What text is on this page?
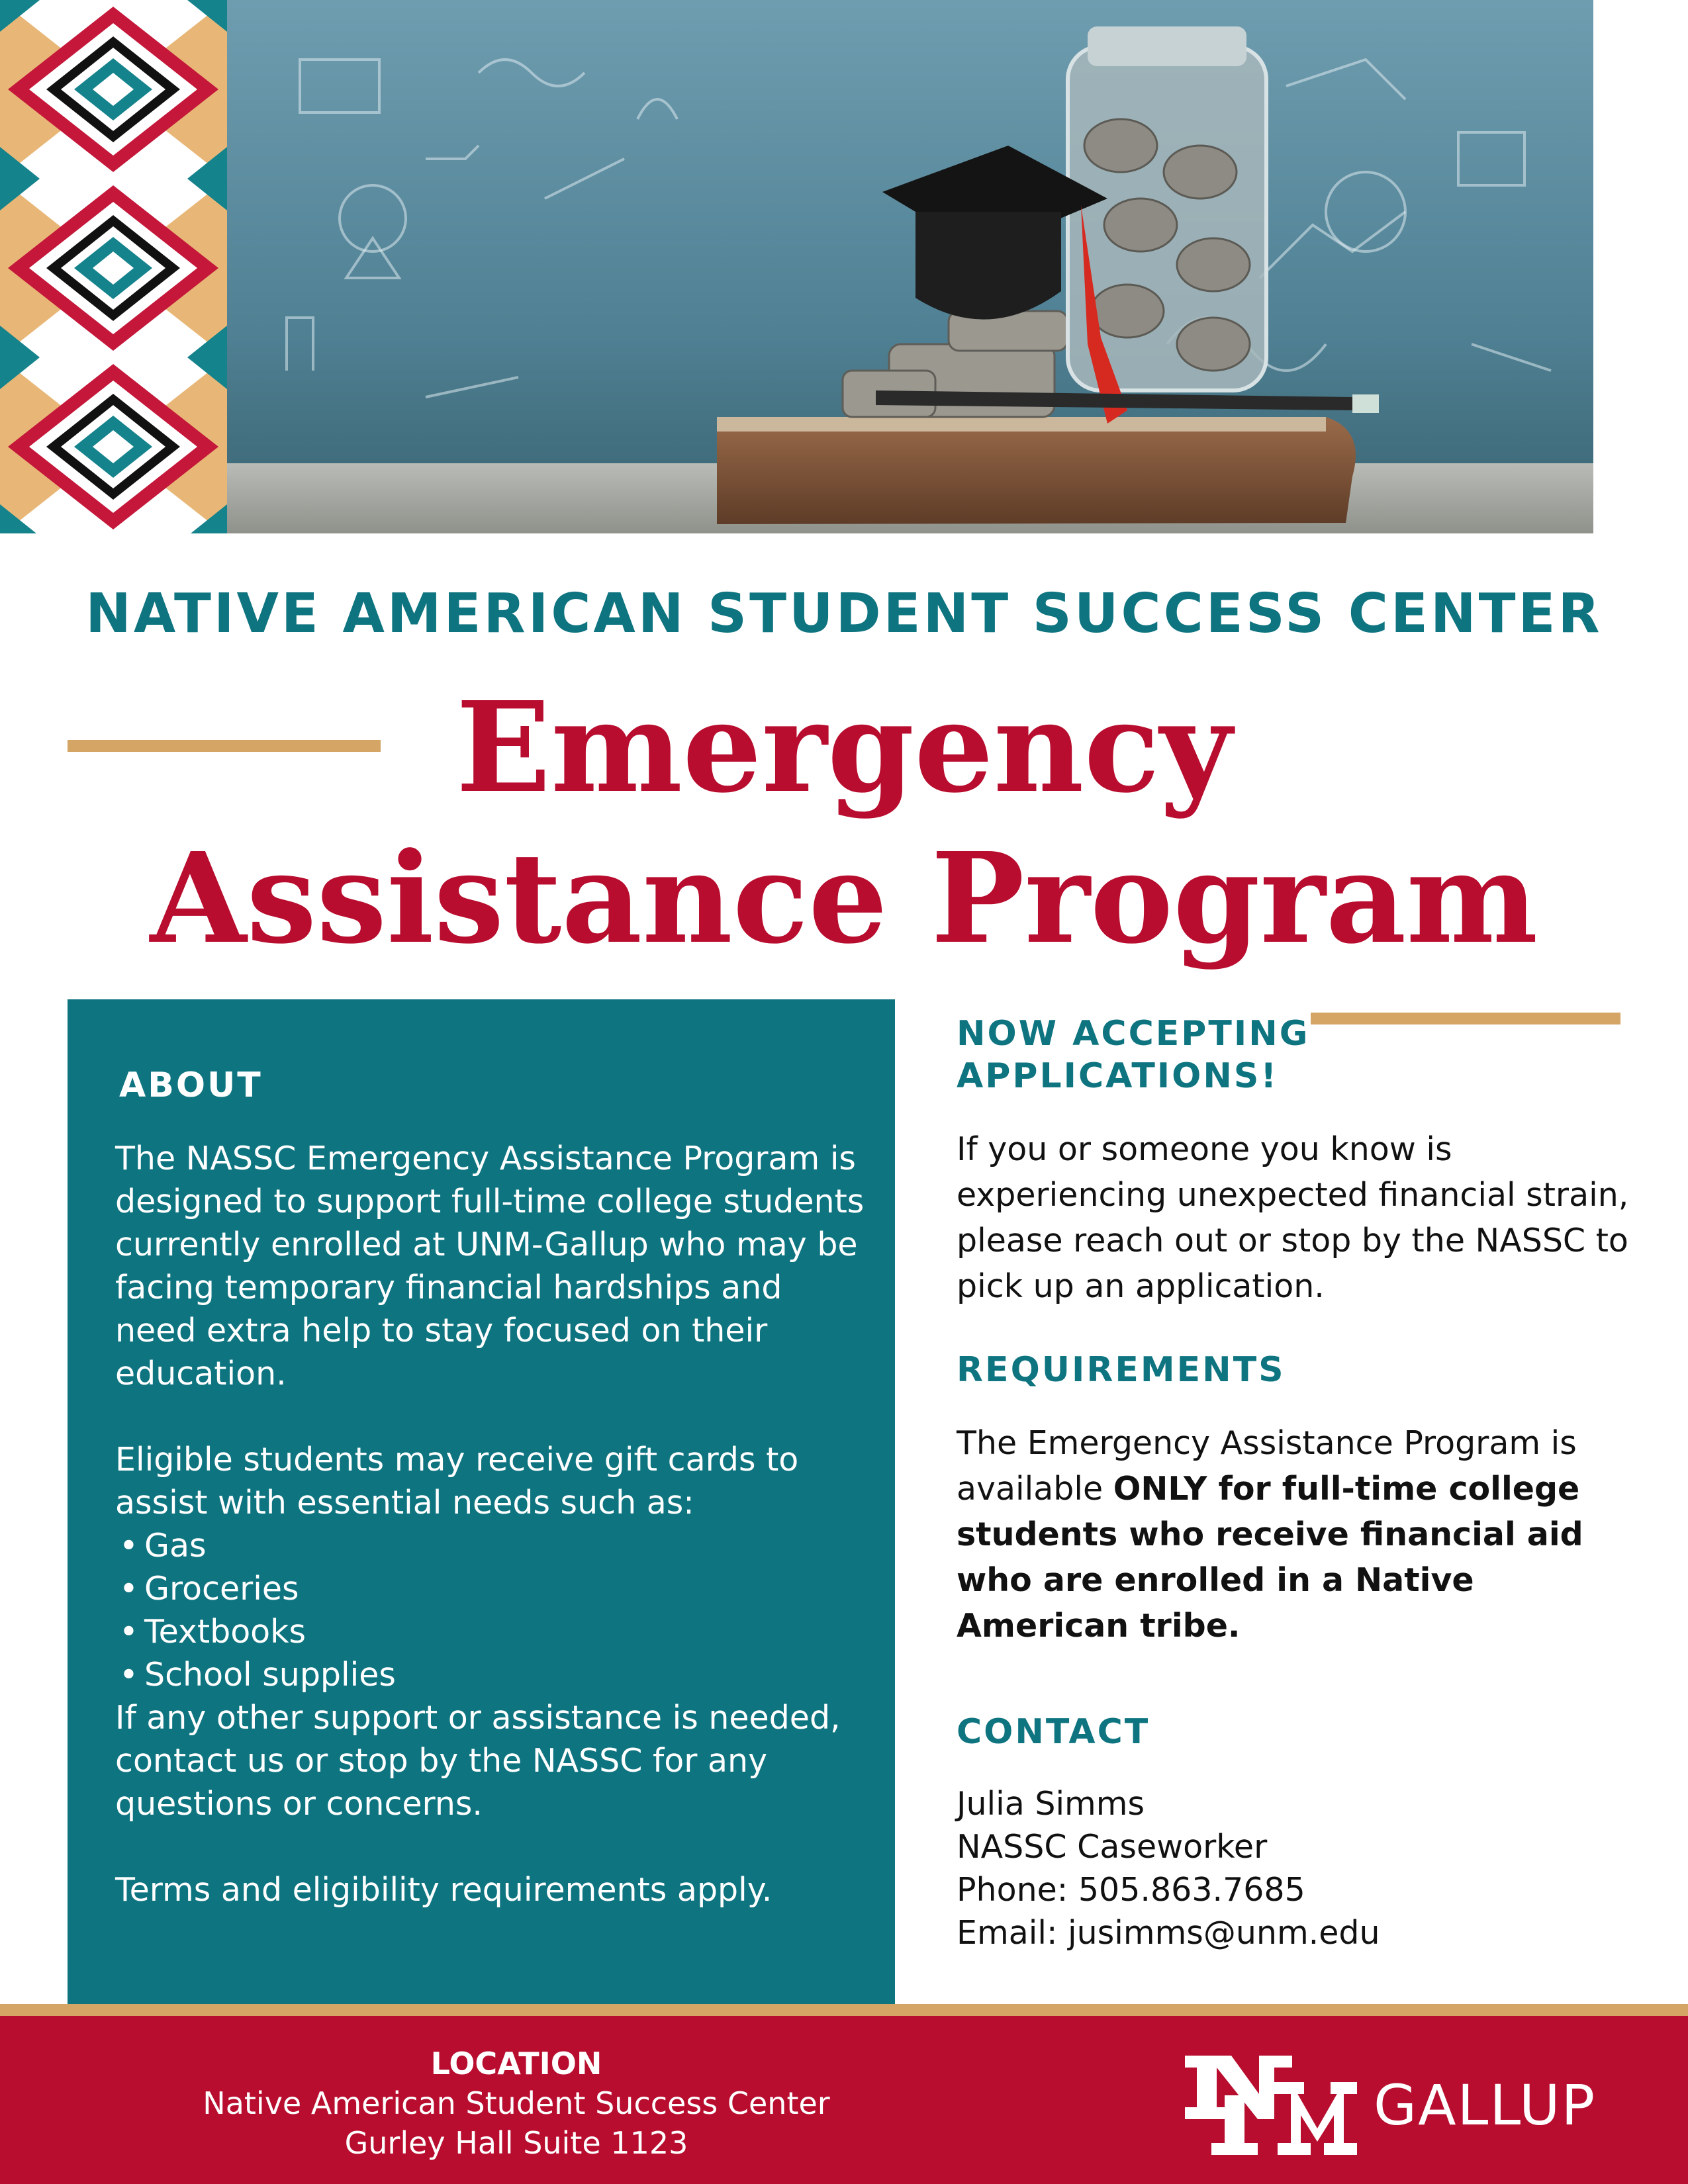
NATIVE AMERICAN STUDENT SUCCESS CENTER
Emergency
Assistance Program
ABOUT

The NASSC Emergency Assistance Program is designed to support full-time college students currently enrolled at UNM-Gallup who may be facing temporary financial hardships and need extra help to stay focused on their education.

Eligible students may receive gift cards to assist with essential needs such as:

• Gas
• Groceries
• Textbooks
• School supplies

If any other support or assistance is needed, contact us or stop by the NASSC for any questions or concerns.

Terms and eligibility requirements apply.

NOW ACCEPTING
APPLICATIONS!

If you or someone you know is experiencing unexpected financial strain, please reach out or stop by the NASSC to pick up an application.

REQUIREMENTS

The Emergency Assistance Program is available ONLY for full-time college students who receive financial aid who are enrolled in a Native American tribe.

CONTACT
Julia Simms
NASSC Caseworker
Phone: 505.863.7685
Email: jusimms@unm.edu
LOCATION
Native American Student Success Center
Gurley Hall Suite 1123
GALLUP
